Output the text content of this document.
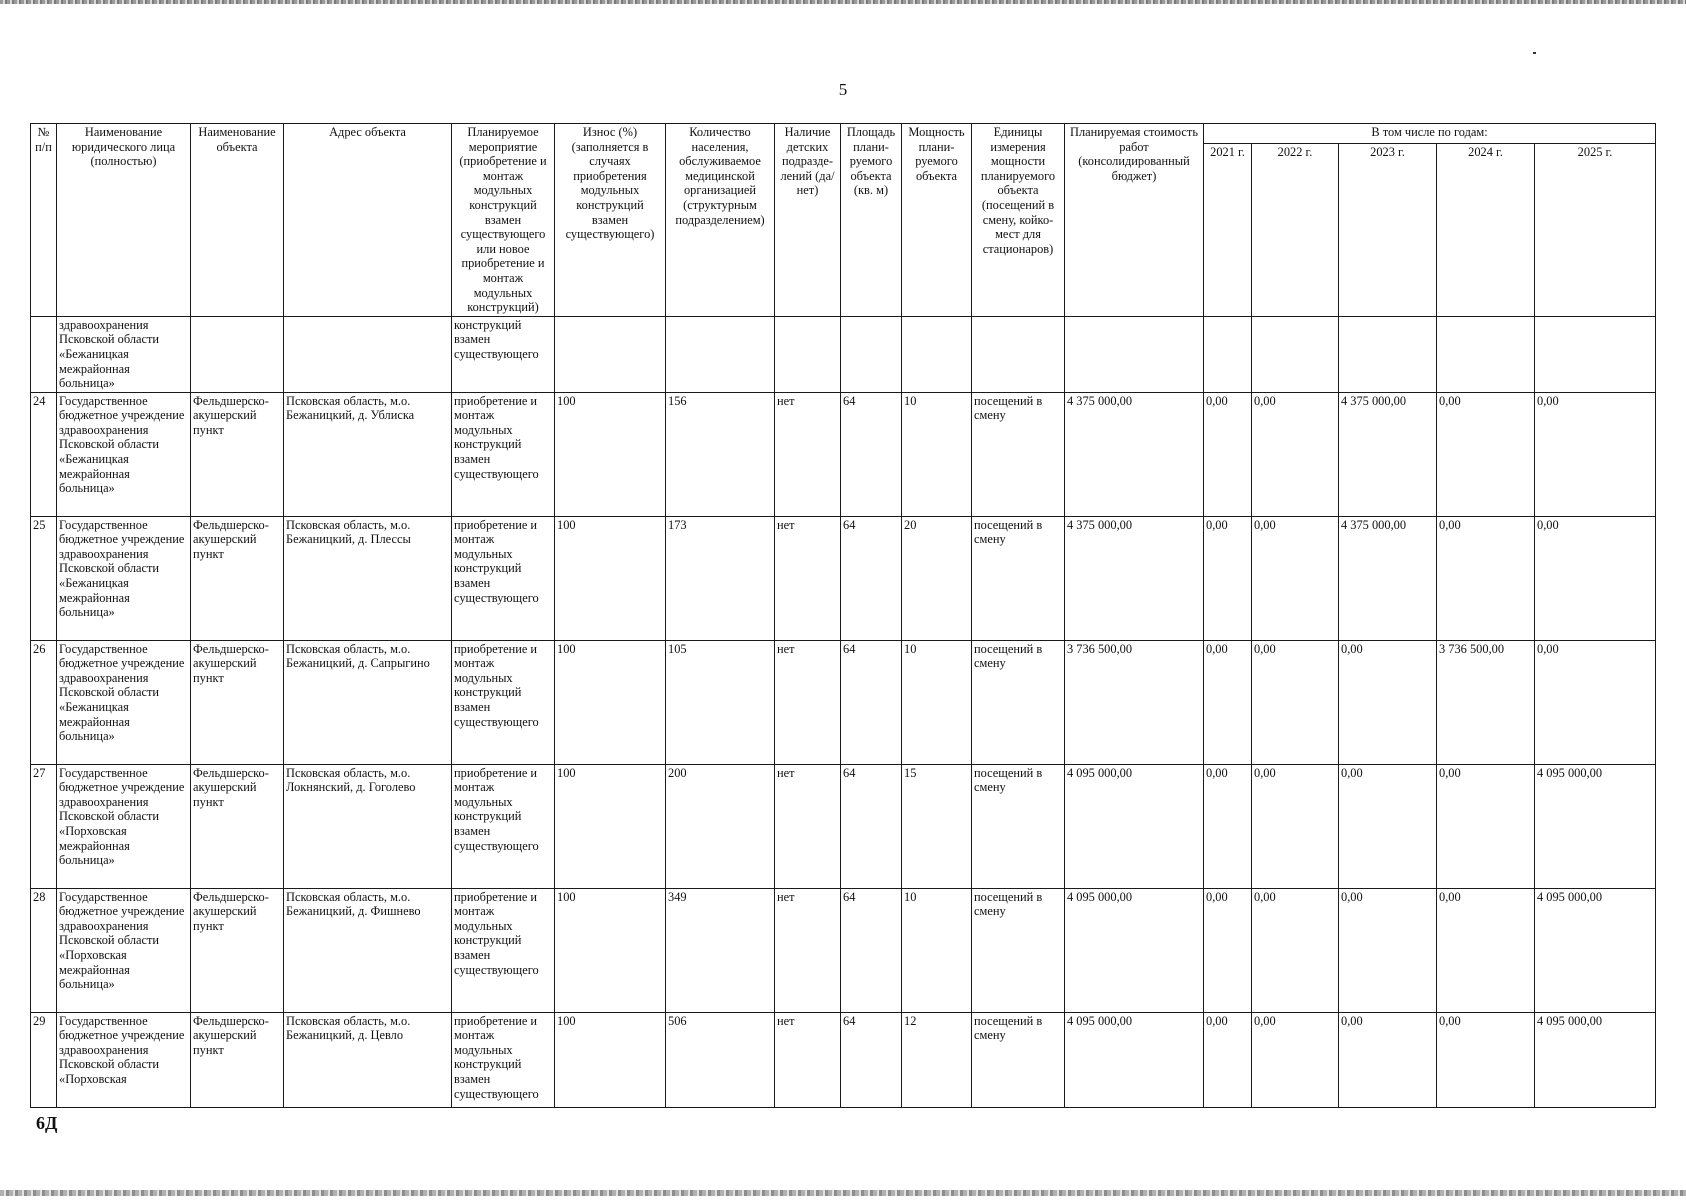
5
№ п/п	Наименование юридического лица (полностью)	Наименование объекта	Адрес объекта	Планируемое мероприятие (приобретение и монтаж модульных конструкций взамен существующего или новое приобретение и монтаж модульных конструкций)	Износ (%) (заполняется в случаях приобретения модульных конструкций взамен существующего)	Количество населения, обслуживаемое медицинской организацией (структурным подразделением)	Наличие детских подразде-лений (да/нет)	Площадь плани-руемого объекта (кв. м)	Мощность плани-руемого объекта	Единицы измерения мощности планируемого объекта (посещений в смену, койко-мест для стационаров)	Планируемая стоимость работ (консолидированный бюджет)	В том числе по годам:				
												2021 г.	2022 г.	2023 г.	2024 г.	2025 г.
	здравоохранения Псковской области «Бежаницкая межрайонная больница»			конструкций взамен существующего												
24	Государственное бюджетное учреждение здравоохранения Псковской области «Бежаницкая межрайонная больница»	Фельдшерско-акушерский пункт	Псковская область, м.о. Бежаницкий, д. Ублиска	приобретение и монтаж модульных конструкций взамен существующего	100	156	нет	64	10	посещений в смену	4 375 000,00	0,00	0,00	4 375 000,00	0,00	0,00
25	Государственное бюджетное учреждение здравоохранения Псковской области «Бежаницкая межрайонная больница»	Фельдшерско-акушерский пункт	Псковская область, м.о. Бежаницкий, д. Плессы	приобретение и монтаж модульных конструкций взамен существующего	100	173	нет	64	20	посещений в смену	4 375 000,00	0,00	0,00	4 375 000,00	0,00	0,00
26	Государственное бюджетное учреждение здравоохранения Псковской области «Бежаницкая межрайонная больница»	Фельдшерско-акушерский пункт	Псковская область, м.о. Бежаницкий, д. Сапрыгино	приобретение и монтаж модульных конструкций взамен существующего	100	105	нет	64	10	посещений в смену	3 736 500,00	0,00	0,00	0,00	3 736 500,00	0,00
27	Государственное бюджетное учреждение здравоохранения Псковской области «Порховская межрайонная больница»	Фельдшерско-акушерский пункт	Псковская область, м.о. Локнянский, д. Гоголево	приобретение и монтаж модульных конструкций взамен существующего	100	200	нет	64	15	посещений в смену	4 095 000,00	0,00	0,00	0,00	0,00	4 095 000,00
28	Государственное бюджетное учреждение здравоохранения Псковской области «Порховская межрайонная больница»	Фельдшерско-акушерский пункт	Псковская область, м.о. Бежаницкий, д. Фишнево	приобретение и монтаж модульных конструкций взамен существующего	100	349	нет	64	10	посещений в смену	4 095 000,00	0,00	0,00	0,00	0,00	4 095 000,00
29	Государственное бюджетное учреждение здравоохранения Псковской области «Порховская	Фельдшерско-акушерский пункт	Псковская область, м.о. Бежаницкий, д. Цевло	приобретение и монтаж модульных конструкций взамен существующего	100	506	нет	64	12	посещений в смену	4 095 000,00	0,00	0,00	0,00	0,00	4 095 000,00
6Д
